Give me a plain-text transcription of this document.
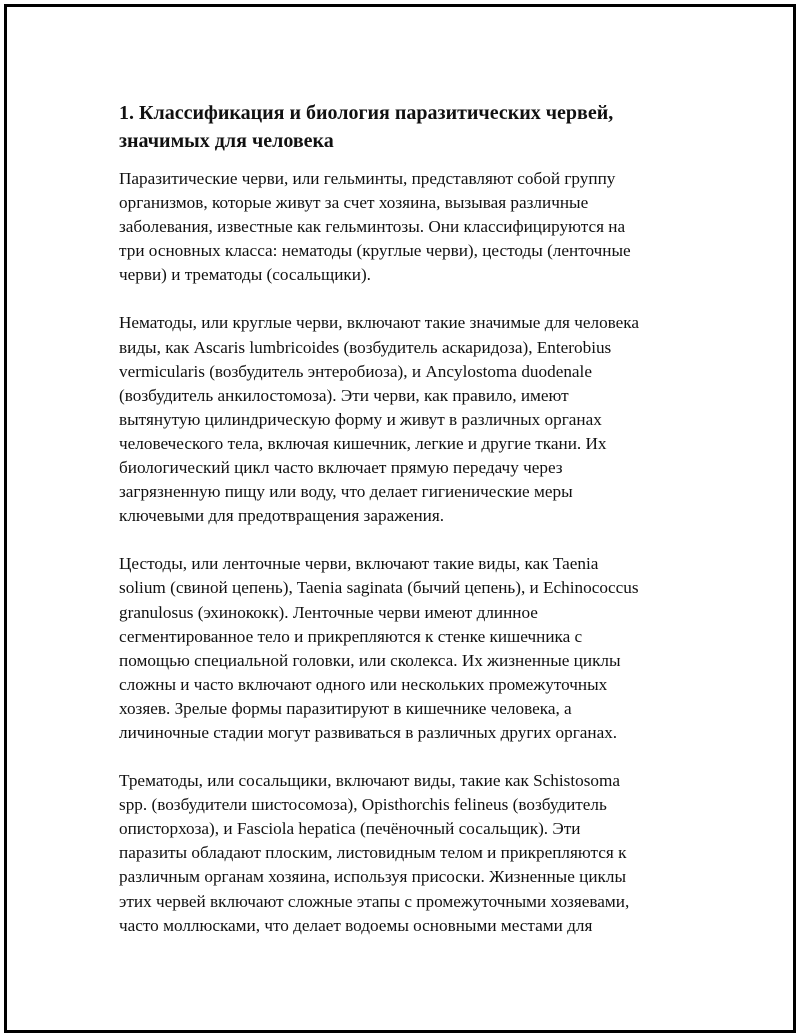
1. Классификация и биология паразитических червей,
значимых для человека

Паразитические черви, или гельминты, представляют собой группу
организмов, которые живут за счет хозяина, вызывая различные
заболевания, известные как гельминтозы. Они классифицируются на
три основных класса: нематоды (круглые черви), цестоды (ленточные
черви) и трематоды (сосальщики).

Нематоды, или круглые черви, включают такие значимые для человека
виды, как Ascaris lumbricoides (возбудитель аскаридоза), Enterobius
vermicularis (возбудитель энтеробиоза), и Ancylostoma duodenale
(возбудитель анкилостомоза). Эти черви, как правило, имеют
вытянутую цилиндрическую форму и живут в различных органах
человеческого тела, включая кишечник, легкие и другие ткани. Их
биологический цикл часто включает прямую передачу через
загрязненную пищу или воду, что делает гигиенические меры
ключевыми для предотвращения заражения.

Цестоды, или ленточные черви, включают такие виды, как Taenia
solium (свиной цепень), Taenia saginata (бычий цепень), и Echinococcus
granulosus (эхинококк). Ленточные черви имеют длинное
сегментированное тело и прикрепляются к стенке кишечника с
помощью специальной головки, или сколекса. Их жизненные циклы
сложны и часто включают одного или нескольких промежуточных
хозяев. Зрелые формы паразитируют в кишечнике человека, а
личиночные стадии могут развиваться в различных других органах.

Трематоды, или сосальщики, включают виды, такие как Schistosoma
spp. (возбудители шистосомоза), Opisthorchis felineus (возбудитель
описторхоза), и Fasciola hepatica (печёночный сосальщик). Эти
паразиты обладают плоским, листовидным телом и прикрепляются к
различным органам хозяина, используя присоски. Жизненные циклы
этих червей включают сложные этапы с промежуточными хозяевами,
часто моллюсками, что делает водоемы основными местами для
